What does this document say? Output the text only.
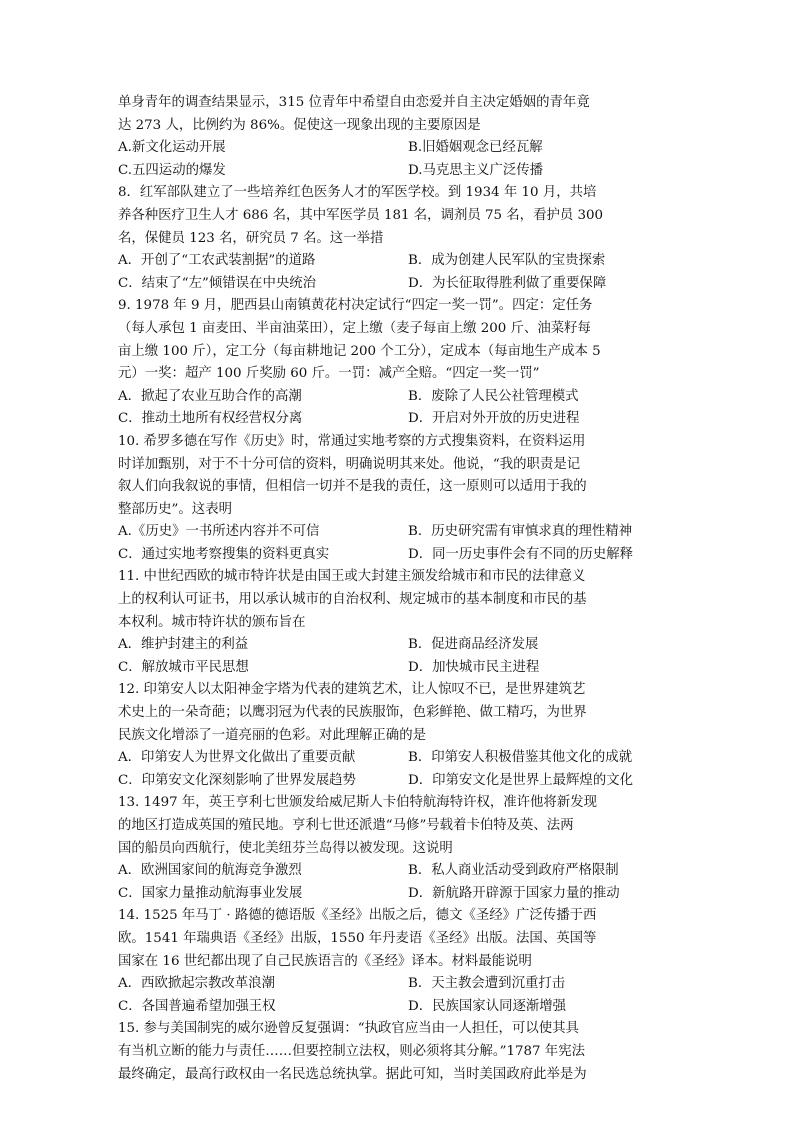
单身青年的调查结果显示，315 位青年中希望自由恋爱并自主决定婚姻的青年竟
达 273 人，比例约为 86%。促使这一现象出现的主要原因是
A.新文化运动开展	B.旧婚姻观念已经瓦解
C.五四运动的爆发	D.马克思主义广泛传播
8．红军部队建立了一些培养红色医务人才的军医学校。到 1934 年 10 月，共培
养各种医疗卫生人才 686 名，其中军医学员 181 名，调剂员 75 名，看护员 300
名，保健员 123 名，研究员 7 名。这一举措
A．开创了“工农武装割据”的道路	B．成为创建人民军队的宝贵探索
C．结束了“左”倾错误在中央统治	D．为长征取得胜利做了重要保障
9. 1978 年 9 月，肥西县山南镇黄花村决定试行“四定一奖一罚”。四定：定任务
（每人承包 1 亩麦田、半亩油菜田），定上缴（麦子每亩上缴 200 斤、油菜籽每
亩上缴 100 斤），定工分（每亩耕地记 200 个工分），定成本（每亩地生产成本 5
元）一奖：超产 100 斤奖励 60 斤。一罚：减产全赔。“四定一奖一罚”
A．掀起了农业互助合作的高潮	B．废除了人民公社管理模式
C．推动土地所有权经营权分离	D．开启对外开放的历史进程
10. 希罗多德在写作《历史》时，常通过实地考察的方式搜集资料，在资料运用
时详加甄别，对于不十分可信的资料，明确说明其来处。他说，“我的职责是记
叙人们向我叙说的事情，但相信一切并不是我的责任，这一原则可以适用于我的
整部历史”。这表明
A.《历史》一书所述内容并不可信	B．历史研究需有审慎求真的理性精神
C．通过实地考察搜集的资料更真实	D．同一历史事件会有不同的历史解释
11. 中世纪西欧的城市特许状是由国王或大封建主颁发给城市和市民的法律意义
上的权利认可证书，用以承认城市的自治权利、规定城市的基本制度和市民的基
本权利。城市特许状的颁布旨在
A．维护封建主的利益	B．促进商品经济发展
C．解放城市平民思想	D．加快城市民主进程
12. 印第安人以太阳神金字塔为代表的建筑艺术，让人惊叹不已，是世界建筑艺
术史上的一朵奇葩；以鹰羽冠为代表的民族服饰，色彩鲜艳、做工精巧，为世界
民族文化增添了一道亮丽的色彩。对此理解正确的是
A．印第安人为世界文化做出了重要贡献	B．印第安人积极借鉴其他文化的成就
C．印第安文化深刻影响了世界发展趋势	D．印第安文化是世界上最辉煌的文化
13. 1497 年，英王亨利七世颁发给威尼斯人卡伯特航海特许权，准许他将新发现
的地区打造成英国的殖民地。亨利七世还派遣“马修”号载着卡伯特及英、法两
国的船员向西航行，使北美纽芬兰岛得以被发现。这说明
A．欧洲国家间的航海竞争激烈	B．私人商业活动受到政府严格限制
C．国家力量推动航海事业发展	D．新航路开辟源于国家力量的推动
14. 1525 年马丁 · 路德的德语版《圣经》出版之后，德文《圣经》广泛传播于西
欧。1541 年瑞典语《圣经》出版，1550 年丹麦语《圣经》出版。法国、英国等
国家在 16 世纪都出现了自己民族语言的《圣经》译本。材料最能说明
A．西欧掀起宗教改革浪潮	B．天主教会遭到沉重打击
C．各国普遍希望加强王权	D．民族国家认同逐渐增强
15. 参与美国制宪的威尔逊曾反复强调：“执政官应当由一人担任，可以使其具
有当机立断的能力与责任……但要控制立法权，则必须将其分解。”1787 年宪法
最终确定，最高行政权由一名民选总统执掌。据此可知，当时美国政府此举是为
